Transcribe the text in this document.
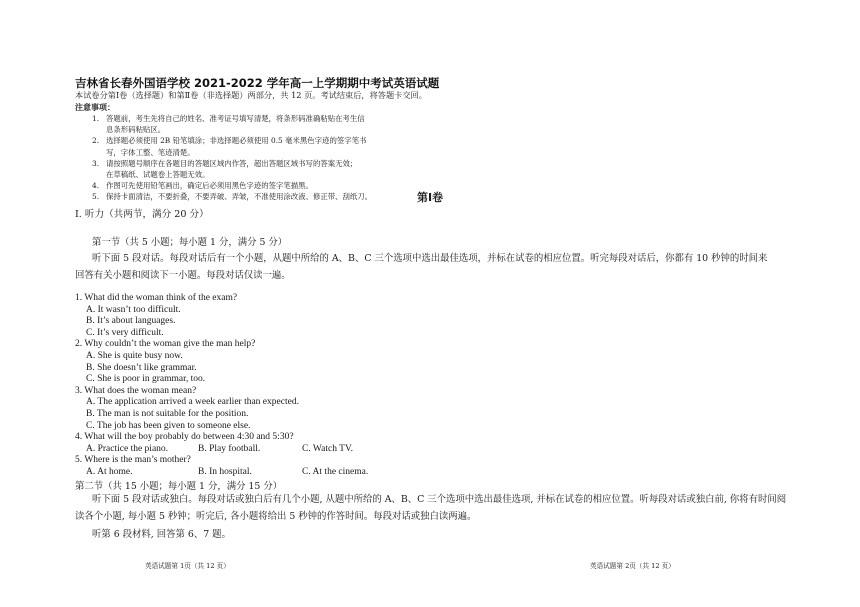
吉林省长春外国语学校 2021-2022 学年高一上学期期中考试英语试题
本试卷分第Ⅰ卷（选择题）和第Ⅱ卷（非选择题）两部分，共 12 页。考试结束后，将答题卡交回。
注意事项：
1. 答题前，考生先将自己的姓名、准考证号填写清楚，将条形码准确粘贴在考生信
息条形码粘贴区。
2. 选择题必须使用 2B 铅笔填涂；非选择题必须使用 0.5 毫米黑色字迹的签字笔书
写，字体工整、笔迹清楚。
3. 请按照题号顺序在各题目的答题区域内作答，超出答题区域书写的答案无效；
在草稿纸、试题卷上答题无效。
4. 作图可先使用铅笔画出，确定后必须用黑色字迹的签字笔描黑。
5. 保持卡面清洁，不要折叠，不要弄破、弄皱，不准使用涂改液、修正带、刮纸刀。	第Ⅰ卷
I. 听力（共两节，满分 20 分）
第一节（共 5 小题；每小题 1 分，满分 5 分）
听下面 5 段对话。每段对话后有一个小题，从题中所给的 A、B、C 三个选项中选出最佳选项，并标在试卷的相应位置。听完每段对话后，你都有 10 秒钟的时间来回答有关小题和阅读下一小题。每段对话仅读一遍。
1. What did the woman think of the exam?
A. It wasn’t too difficult.
B. It’s about languages.
C. It’s very difficult.
2. Why couldn’t the woman give the man help?
A. She is quite busy now.
B. She doesn’t like grammar.
C. She is poor in grammar, too.
3. What does the woman mean?
A. The application arrived a week earlier than expected.
B. The man is not suitable for the position.
C. The job has been given to someone else.
4. What will the boy probably do between 4:30 and 5:30?
A. Practice the piano.	B. Play football.	C. Watch TV.
5. Where is the man’s mother?
A. At home.	B. In hospital.	C. At the cinema.
第二节（共 15 小题；每小题 1 分，满分 15 分）
听下面 5 段对话或独白。每段对话或独白后有几个小题, 从题中所给的 A、B、C 三个选项中选出最佳选项, 并标在试卷的相应位置。听每段对话或独白前, 你将有时间阅读各个小题, 每小题 5 秒钟；听完后, 各小题将给出 5 秒钟的作答时间。每段对话或独白读两遍。
听第 6 段材料, 回答第 6、7 题。
英语试题第 1页（共 12 页）	英语试题第 2页（共 12 页）
